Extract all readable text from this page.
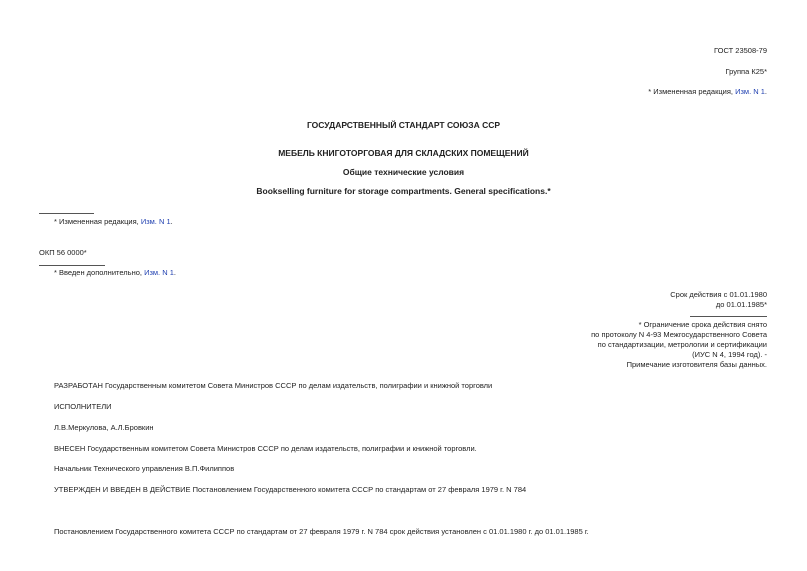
ГОСТ 23508-79
Группа К25*
* Измененная редакция, Изм. N 1.
ГОСУДАРСТВЕННЫЙ СТАНДАРТ СОЮЗА ССР
МЕБЕЛЬ КНИГОТОРГОВАЯ ДЛЯ СКЛАДСКИХ ПОМЕЩЕНИЙ
Общие технические условия
Bookselling furniture for storage compartments. General specifications.*
* Измененная редакция, Изм. N 1.
ОКП 56 0000*
* Введен дополнительно, Изм. N 1.
Срок действия с 01.01.1980
до 01.01.1985*
* Ограничение срока действия снято
по протоколу N 4-93 Межгосударственного Совета
по стандартизации, метрологии и сертификации
(ИУС N 4, 1994 год). -
Примечание изготовителя базы данных.
РАЗРАБОТАН Государственным комитетом Совета Министров СССР по делам издательств, полиграфии и книжной торговли
ИСПОЛНИТЕЛИ
Л.В.Меркулова, А.Л.Бровкин
ВНЕСЕН Государственным комитетом Совета Министров СССР по делам издательств, полиграфии и книжной торговли.
Начальник Технического управления В.П.Филиппов
УТВЕРЖДЕН И ВВЕДЕН В ДЕЙСТВИЕ Постановлением Государственного комитета СССР по стандартам от 27 февраля 1979 г. N 784
Постановлением Государственного комитета СССР по стандартам от 27 февраля 1979 г. N 784 срок действия установлен с 01.01.1980 г. до 01.01.1985 г.
